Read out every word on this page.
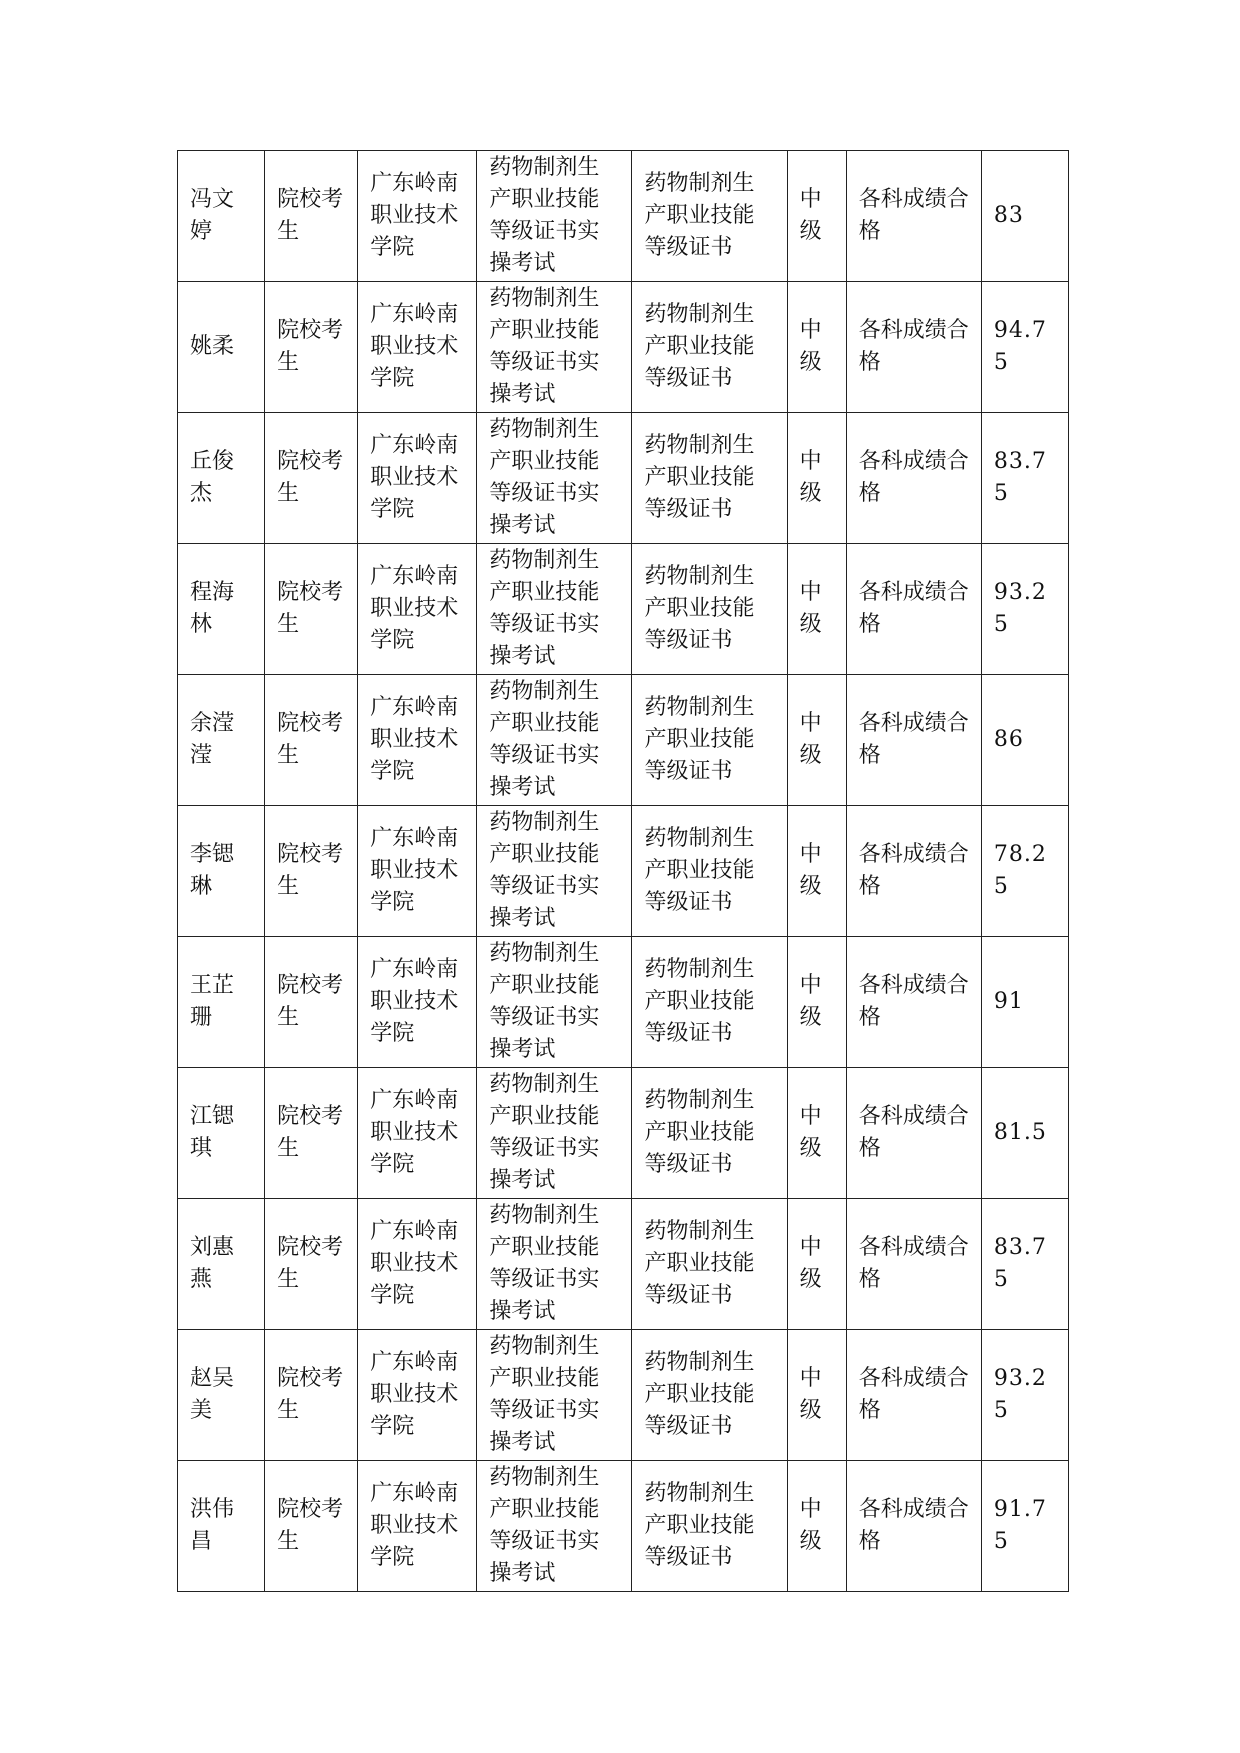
冯文婷	院校考生	广东岭南职业技术学院	药物制剂生产职业技能等级证书实操考试	药物制剂生产职业技能等级证书	中级	各科成绩合格	83

姚柔	院校考生	广东岭南职业技术学院	药物制剂生产职业技能等级证书实操考试	药物制剂生产职业技能等级证书	中级	各科成绩合格	94.75

丘俊杰	院校考生	广东岭南职业技术学院	药物制剂生产职业技能等级证书实操考试	药物制剂生产职业技能等级证书	中级	各科成绩合格	83.75

程海林	院校考生	广东岭南职业技术学院	药物制剂生产职业技能等级证书实操考试	药物制剂生产职业技能等级证书	中级	各科成绩合格	93.25

余滢滢	院校考生	广东岭南职业技术学院	药物制剂生产职业技能等级证书实操考试	药物制剂生产职业技能等级证书	中级	各科成绩合格	86

李锶琳	院校考生	广东岭南职业技术学院	药物制剂生产职业技能等级证书实操考试	药物制剂生产职业技能等级证书	中级	各科成绩合格	78.25

王芷珊	院校考生	广东岭南职业技术学院	药物制剂生产职业技能等级证书实操考试	药物制剂生产职业技能等级证书	中级	各科成绩合格	91

江锶琪	院校考生	广东岭南职业技术学院	药物制剂生产职业技能等级证书实操考试	药物制剂生产职业技能等级证书	中级	各科成绩合格	81.5

刘惠燕	院校考生	广东岭南职业技术学院	药物制剂生产职业技能等级证书实操考试	药物制剂生产职业技能等级证书	中级	各科成绩合格	83.75

赵吴美	院校考生	广东岭南职业技术学院	药物制剂生产职业技能等级证书实操考试	药物制剂生产职业技能等级证书	中级	各科成绩合格	93.25

洪伟昌	院校考生	广东岭南职业技术学院	药物制剂生产职业技能等级证书实操考试	药物制剂生产职业技能等级证书	中级	各科成绩合格	91.75
